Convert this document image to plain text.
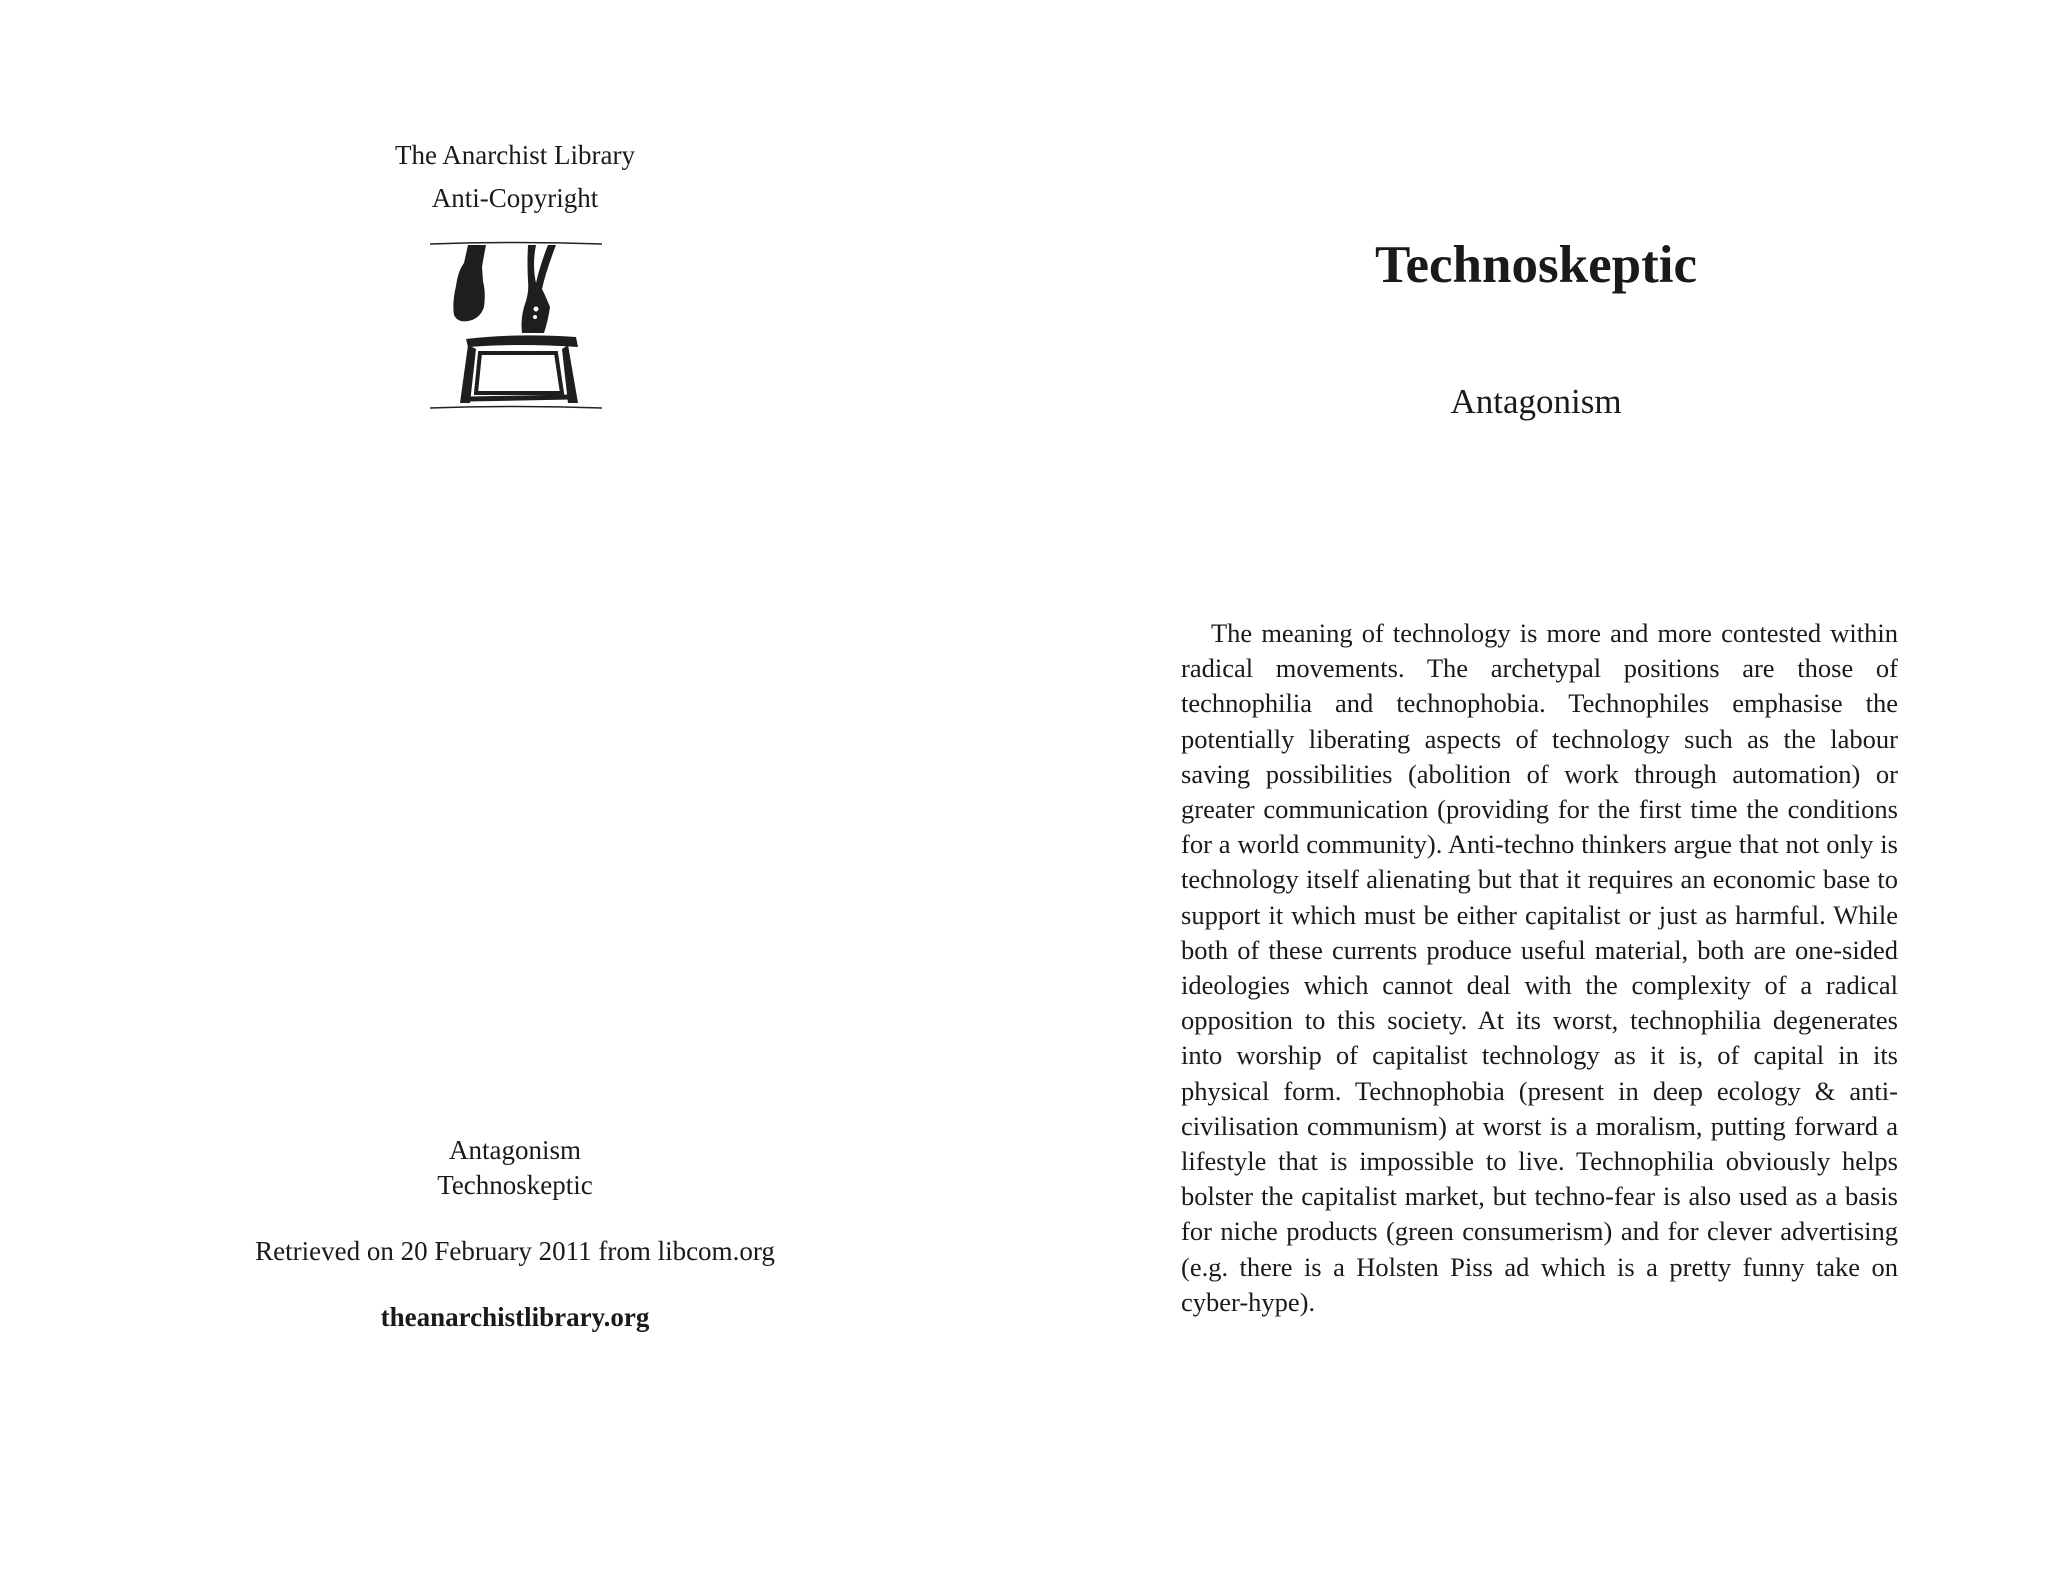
The Anarchist Library
Anti-Copyright
Antagonism
Technoskeptic
Retrieved on 20 February 2011 from libcom.org
theanarchistlibrary.org
Technoskeptic
Antagonism

The meaning of technology is more and more contested within radical movements. The archetypal positions are those of technophilia and technophobia. Technophiles emphasise the potentially liberating aspects of technology such as the labour saving possibilities (abolition of work through automation) or greater communication (providing for the first time the conditions for a world community). Anti-techno thinkers argue that not only is technology itself alienating but that it requires an economic base to support it which must be either capitalist or just as harmful. While both of these currents produce useful material, both are one-sided ideologies which cannot deal with the complexity of a radical opposition to this society. At its worst, technophilia degenerates into worship of capitalist technology as it is, of capital in its physical form. Technophobia (present in deep ecology & anti-civilisation communism) at worst is a moralism, putting forward a lifestyle that is impossible to live. Technophilia obviously helps bolster the capitalist market, but techno-fear is also used as a basis for niche products (green consumerism) and for clever advertising (e.g. there is a Holsten Piss ad which is a pretty funny take on cyber-hype).
